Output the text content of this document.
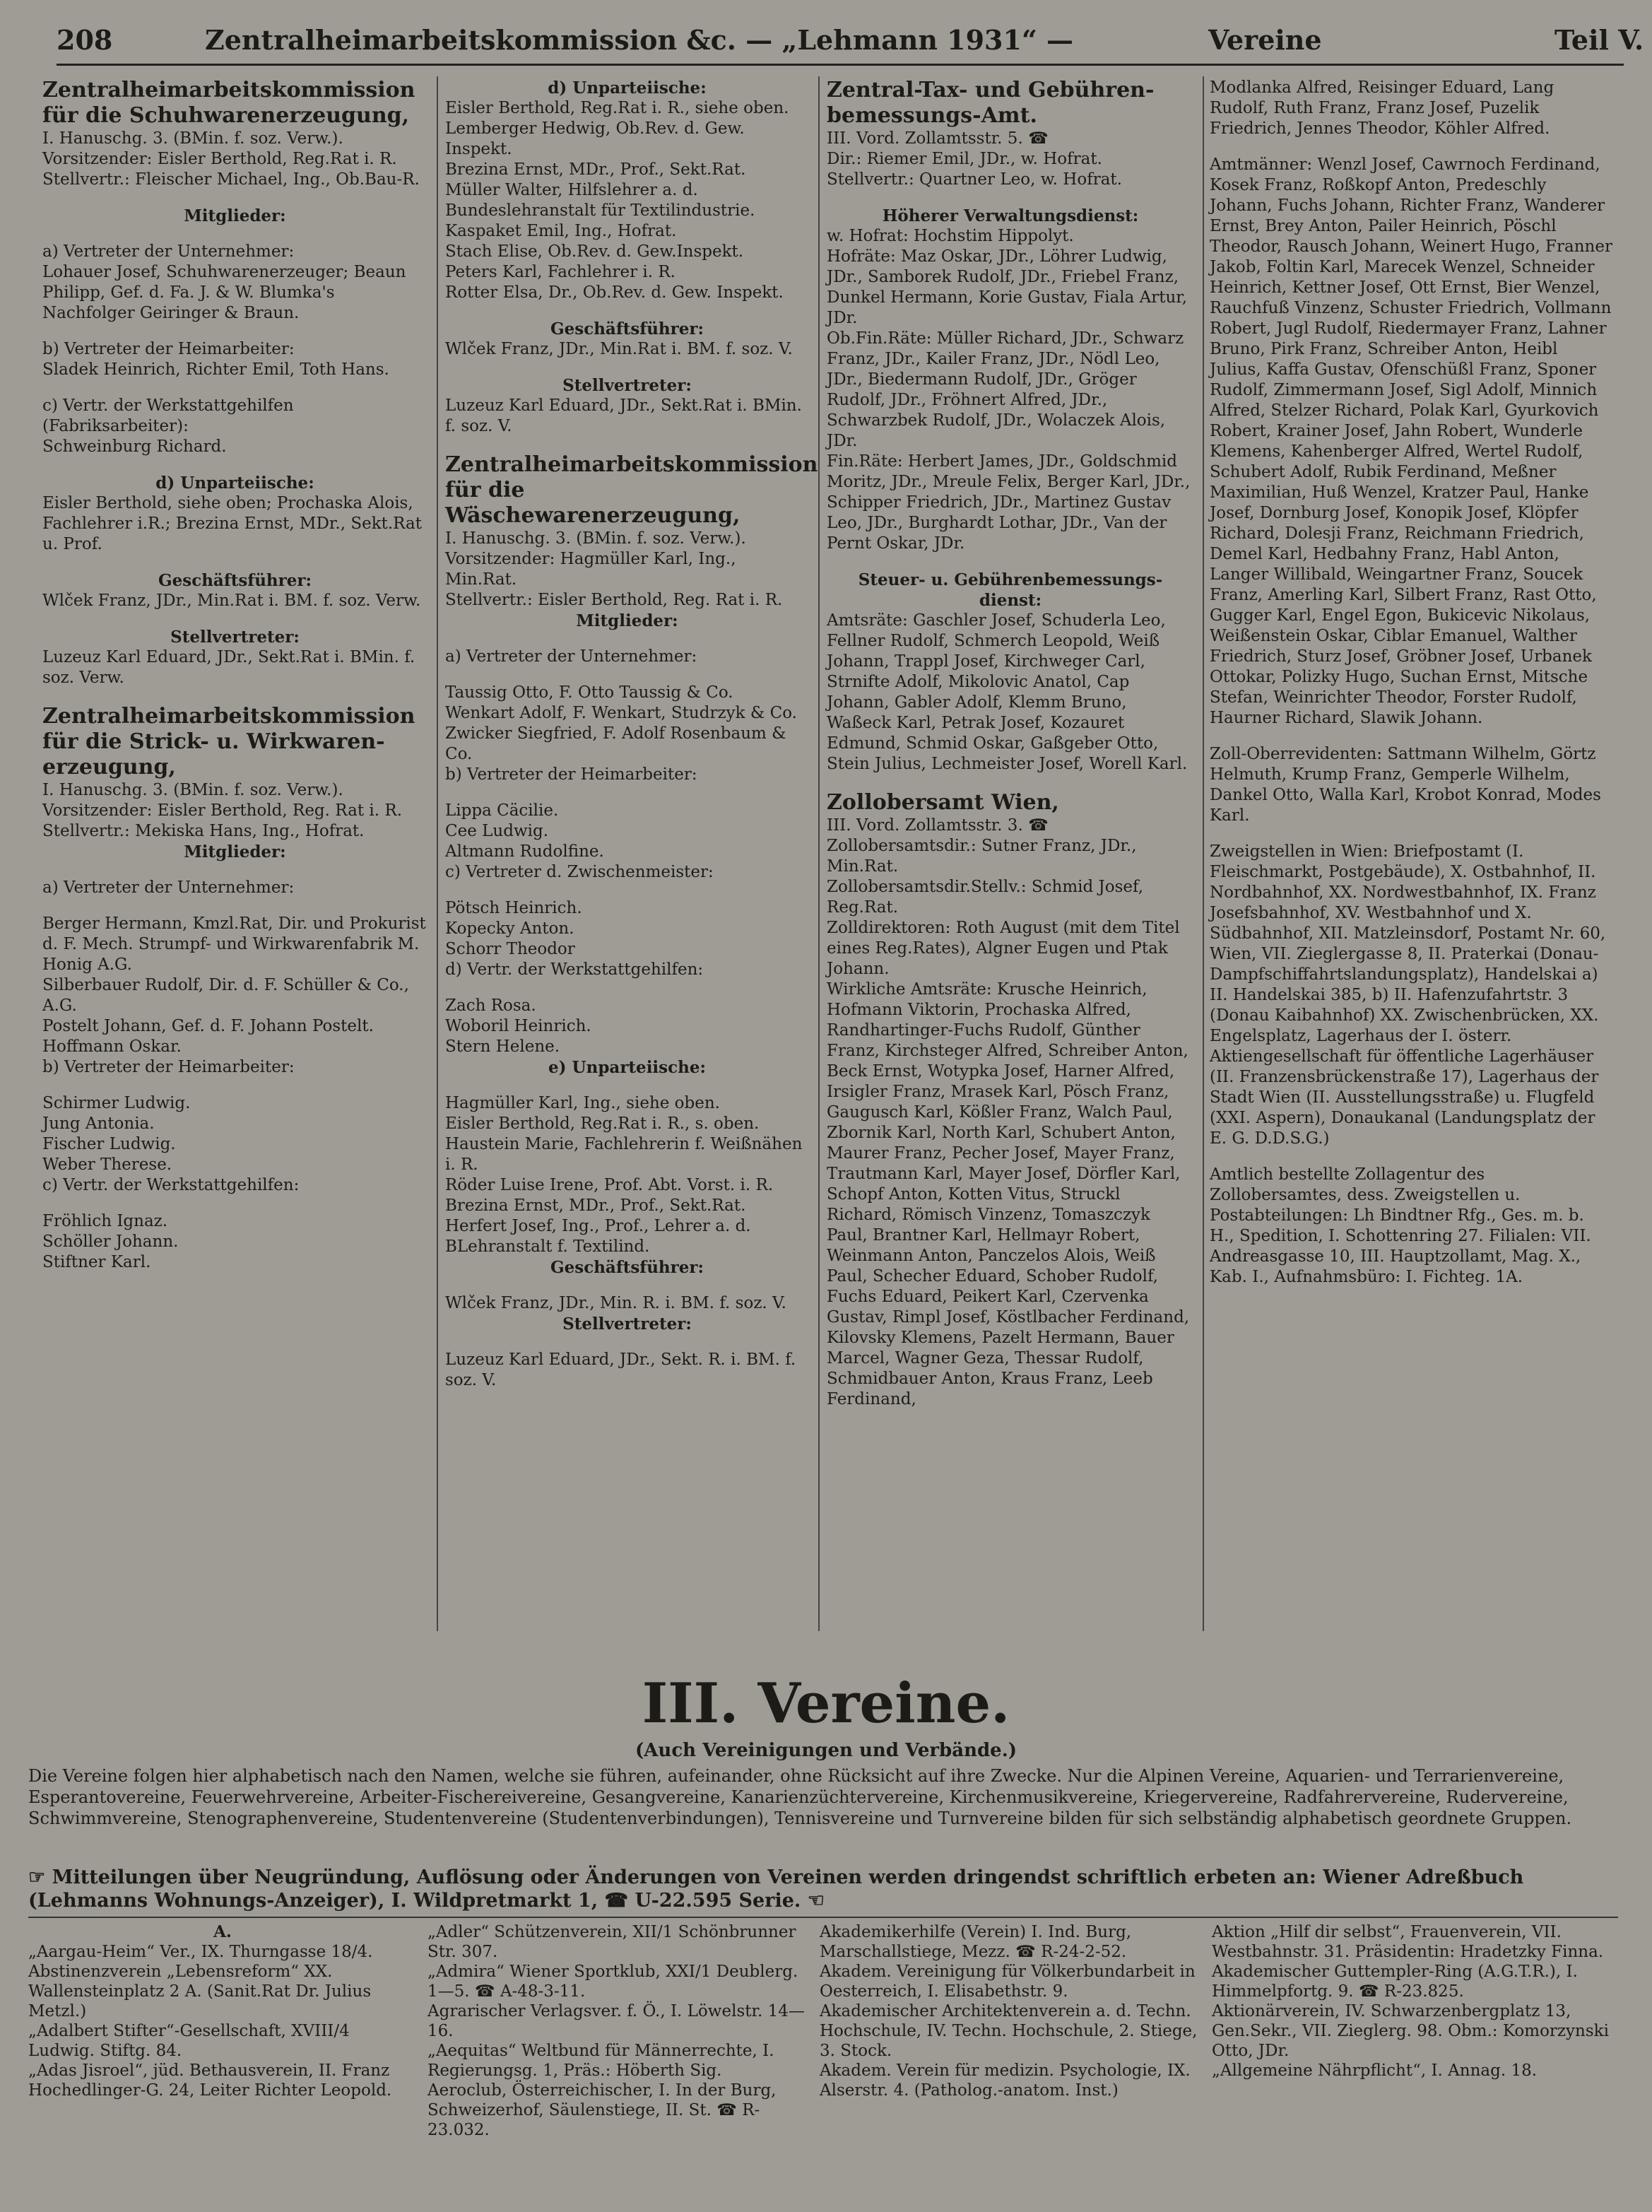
208	Zentralheimarbeitskommission &c. — „Lehmann 1931“ —	Vereine	Teil V.

Zentralheimarbeitskommission

für die Schuhwarenerzeugung,

I. Hanuschg. 3. (BMin. f. soz. Verw.).

Vorsitzender: Eisler Berthold, Reg.Rat i. R.

Stellvertr.: Fleischer Michael, Ing., Ob.Bau-R.

Mitglieder:

a) Vertreter der Unternehmer:

Lohauer Josef, Schuhwarenerzeuger; Beaun Philipp, Gef. d. Fa. J. & W. Blumka's Nachfolger Geiringer & Braun.

b) Vertreter der Heimarbeiter:

Sladek Heinrich, Richter Emil, Toth Hans.

c) Vertr. der Werkstattgehilfen (Fabriksarbeiter):

Schweinburg Richard.

d) Unparteiische:

Eisler Berthold, siehe oben; Prochaska Alois, Fachlehrer i.R.; Brezina Ernst, MDr., Sekt.Rat u. Prof.

Geschäftsführer:

Wlček Franz, JDr., Min.Rat i. BM. f. soz. Verw.

Stellvertreter:

Luzeuz Karl Eduard, JDr., Sekt.Rat i. BMin. f. soz. Verw.

Zentralheimarbeitskommission

für die Strick- u. Wirkwaren-

erzeugung,

I. Hanuschg. 3. (BMin. f. soz. Verw.).

Vorsitzender: Eisler Berthold, Reg. Rat i. R.

Stellvertr.: Mekiska Hans, Ing., Hofrat.

Mitglieder:

a) Vertreter der Unternehmer:

Berger Hermann, Kmzl.Rat, Dir. und Prokurist d. F. Mech. Strumpf- und Wirkwarenfabrik M. Honig A.G.

Silberbauer Rudolf, Dir. d. F. Schüller & Co., A.G.

Postelt Johann, Gef. d. F. Johann Postelt.

Hoffmann Oskar.

b) Vertreter der Heimarbeiter:

Schirmer Ludwig.

Jung Antonia.

Fischer Ludwig.

Weber Therese.

c) Vertr. der Werkstattgehilfen:

Fröhlich Ignaz.

Schöller Johann.

Stiftner Karl.

d) Unparteiische:

Eisler Berthold, Reg.Rat i. R., siehe oben.

Lemberger Hedwig, Ob.Rev. d. Gew. Inspekt.

Brezina Ernst, MDr., Prof., Sekt.Rat.

Müller Walter, Hilfslehrer a. d. Bundeslehranstalt für Textilindustrie.

Kaspaket Emil, Ing., Hofrat.

Stach Elise, Ob.Rev. d. Gew.Inspekt.

Peters Karl, Fachlehrer i. R.

Rotter Elsa, Dr., Ob.Rev. d. Gew. Inspekt.

Geschäftsführer:

Wlček Franz, JDr., Min.Rat i. BM. f. soz. V.

Stellvertreter:

Luzeuz Karl Eduard, JDr., Sekt.Rat i. BMin. f. soz. V.

Zentralheimarbeitskommission

für die Wäschewarenerzeugung,

I. Hanuschg. 3. (BMin. f. soz. Verw.).

Vorsitzender: Hagmüller Karl, Ing., Min.Rat.

Stellvertr.: Eisler Berthold, Reg. Rat i. R.

Mitglieder:

a) Vertreter der Unternehmer:

Taussig Otto, F. Otto Taussig & Co.

Wenkart Adolf, F. Wenkart, Studrzyk & Co.

Zwicker Siegfried, F. Adolf Rosenbaum & Co.

b) Vertreter der Heimarbeiter:

Lippa Cäcilie.

Cee Ludwig.

Altmann Rudolfine.

c) Vertreter d. Zwischenmeister:

Pötsch Heinrich.

Kopecky Anton.

Schorr Theodor

d) Vertr. der Werkstattgehilfen:

Zach Rosa.

Woboril Heinrich.

Stern Helene.

e) Unparteiische:

Hagmüller Karl, Ing., siehe oben.

Eisler Berthold, Reg.Rat i. R., s. oben.

Haustein Marie, Fachlehrerin f. Weißnähen i. R.

Röder Luise Irene, Prof. Abt. Vorst. i. R.

Brezina Ernst, MDr., Prof., Sekt.Rat.

Herfert Josef, Ing., Prof., Lehrer a. d. BLehranstalt f. Textilind.

Geschäftsführer:

Wlček Franz, JDr., Min. R. i. BM. f. soz. V.

Stellvertreter:

Luzeuz Karl Eduard, JDr., Sekt. R. i. BM. f. soz. V.

Zentral-Tax- und Gebühren-

bemessungs-Amt.

III. Vord. Zollamtsstr. 5. ☎

Dir.: Riemer Emil, JDr., w. Hofrat.

Stellvertr.: Quartner Leo, w. Hofrat.

Höherer Verwaltungsdienst:

w. Hofrat: Hochstim Hippolyt.

Hofräte: Maz Oskar, JDr., Löhrer Ludwig, JDr., Samborek Rudolf, JDr., Friebel Franz, Dunkel Hermann, Korie Gustav, Fiala Artur, JDr.

Ob.Fin.Räte: Müller Richard, JDr., Schwarz Franz, JDr., Kailer Franz, JDr., Nödl Leo, JDr., Biedermann Rudolf, JDr., Gröger Rudolf, JDr., Fröhnert Alfred, JDr., Schwarzbek Rudolf, JDr., Wolaczek Alois, JDr.

Fin.Räte: Herbert James, JDr., Goldschmid Moritz, JDr., Mreule Felix, Berger Karl, JDr., Schipper Friedrich, JDr., Martinez Gustav Leo, JDr., Burghardt Lothar, JDr., Van der Pernt Oskar, JDr.

Steuer- u. Gebührenbemessungs-

dienst:

Amtsräte: Gaschler Josef, Schuderla Leo, Fellner Rudolf, Schmerch Leopold, Weiß Johann, Trappl Josef, Kirchweger Carl, Strnifte Adolf, Mikolovic Anatol, Cap Johann, Gabler Adolf, Klemm Bruno, Waßeck Karl, Petrak Josef, Kozauret Edmund, Schmid Oskar, Gaßgeber Otto, Stein Julius, Lechmeister Josef, Worell Karl.

Zollobersamt Wien,

III. Vord. Zollamtsstr. 3. ☎

Zollobersamtsdir.: Sutner Franz, JDr., Min.Rat.

Zollobersamtsdir.Stellv.: Schmid Josef, Reg.Rat.

Zolldirektoren: Roth August (mit dem Titel eines Reg.Rates), Algner Eugen und Ptak Johann.

Wirkliche Amtsräte: Krusche Heinrich, Hofmann Viktorin, Prochaska Alfred, Randhartinger-Fuchs Rudolf, Günther Franz, Kirchsteger Alfred, Schreiber Anton, Beck Ernst, Wotypka Josef, Harner Alfred, Irsigler Franz, Mrasek Karl, Pösch Franz, Gaugusch Karl, Kößler Franz, Walch Paul, Zbornik Karl, North Karl, Schubert Anton, Maurer Franz, Pecher Josef, Mayer Franz, Trautmann Karl, Mayer Josef, Dörfler Karl, Schopf Anton, Kotten Vitus, Struckl Richard, Römisch Vinzenz, Tomaszczyk Paul, Brantner Karl, Hellmayr Robert, Weinmann Anton, Panczelos Alois, Weiß Paul, Schecher Eduard, Schober Rudolf, Fuchs Eduard, Peikert Karl, Czervenka Gustav, Rimpl Josef, Köstlbacher Ferdinand, Kilovsky Klemens, Pazelt Hermann, Bauer Marcel, Wagner Geza, Thessar Rudolf, Schmidbauer Anton, Kraus Franz, Leeb Ferdinand,

Modlanka Alfred, Reisinger Eduard, Lang Rudolf, Ruth Franz, Franz Josef, Puzelik Friedrich, Jennes Theodor, Köhler Alfred.

Amtmänner: Wenzl Josef, Cawrnoch Ferdinand, Kosek Franz, Roßkopf Anton, Predeschly Johann, Fuchs Johann, Richter Franz, Wanderer Ernst, Brey Anton, Pailer Heinrich, Pöschl Theodor, Rausch Johann, Weinert Hugo, Franner Jakob, Foltin Karl, Marecek Wenzel, Schneider Heinrich, Kettner Josef, Ott Ernst, Bier Wenzel, Rauchfuß Vinzenz, Schuster Friedrich, Vollmann Robert, Jugl Rudolf, Riedermayer Franz, Lahner Bruno, Pirk Franz, Schreiber Anton, Heibl Julius, Kaffa Gustav, Ofenschüßl Franz, Sponer Rudolf, Zimmermann Josef, Sigl Adolf, Minnich Alfred, Stelzer Richard, Polak Karl, Gyurkovich Robert, Krainer Josef, Jahn Robert, Wunderle Klemens, Kahenberger Alfred, Wertel Rudolf, Schubert Adolf, Rubik Ferdinand, Meßner Maximilian, Huß Wenzel, Kratzer Paul, Hanke Josef, Dornburg Josef, Konopik Josef, Klöpfer Richard, Dolesji Franz, Reichmann Friedrich, Demel Karl, Hedbahny Franz, Habl Anton, Langer Willibald, Weingartner Franz, Soucek Franz, Amerling Karl, Silbert Franz, Rast Otto, Gugger Karl, Engel Egon, Bukicevic Nikolaus, Weißenstein Oskar, Ciblar Emanuel, Walther Friedrich, Sturz Josef, Gröbner Josef, Urbanek Ottokar, Polizky Hugo, Suchan Ernst, Mitsche Stefan, Weinrichter Theodor, Forster Rudolf, Haurner Richard, Slawik Johann.

Zoll-Oberrevidenten: Sattmann Wilhelm, Görtz Helmuth, Krump Franz, Gemperle Wilhelm, Dankel Otto, Walla Karl, Krobot Konrad, Modes Karl.

Zweigstellen in Wien: Briefpostamt (I. Fleischmarkt, Postgebäude), X. Ostbahnhof, II. Nordbahnhof, XX. Nordwestbahnhof, IX. Franz Josefsbahnhof, XV. Westbahnhof und X. Südbahnhof, XII. Matzleinsdorf, Postamt Nr. 60, Wien, VII. Zieglergasse 8, II. Praterkai (Donau-Dampfschiffahrtslandungsplatz), Handelskai a) II. Handelskai 385, b) II. Hafenzufahrtstr. 3 (Donau Kaibahnhof) XX. Zwischenbrücken, XX. Engelsplatz, Lagerhaus der I. österr. Aktiengesellschaft für öffentliche Lagerhäuser (II. Franzensbrückenstraße 17), Lagerhaus der Stadt Wien (II. Ausstellungsstraße) u. Flugfeld (XXI. Aspern), Donaukanal (Landungsplatz der E. G. D.D.S.G.)

Amtlich bestellte Zollagentur des Zollobersamtes, dess. Zweigstellen u. Postabteilungen: Lh Bindtner Rfg., Ges. m. b. H., Spedition, I. Schottenring 27. Filialen: VII. Andreasgasse 10, III. Hauptzollamt, Mag. X., Kab. I., Aufnahmsbüro: I. Fichteg. 1A.

III. Vereine.
(Auch Vereinigungen und Verbände.)
Die Vereine folgen hier alphabetisch nach den Namen, welche sie führen, aufeinander, ohne Rücksicht auf ihre Zwecke. Nur die Alpinen Vereine, Aquarien- und Terrarienvereine, Esperantovereine, Feuerwehrvereine, Arbeiter-Fischereivereine, Gesangvereine, Kanarienzüchtervereine, Kirchenmusikvereine, Kriegervereine, Radfahrervereine, Rudervereine, Schwimmvereine, Stenographenvereine, Studentenvereine (Studentenverbindungen), Tennisvereine und Turnvereine bilden für sich selbständig alphabetisch geordnete Gruppen.
☞ Mitteilungen über Neugründung, Auflösung oder Änderungen von Vereinen werden dringendst schriftlich erbeten an: Wiener Adreßbuch (Lehmanns Wohnungs-Anzeiger), I. Wildpretmarkt 1, ☎ U-22.595 Serie. ☜

A.

„Aargau-Heim“ Ver., IX. Thurngasse 18/4.

Abstinenzverein „Lebensreform“ XX. Wallensteinplatz 2 A. (Sanit.Rat Dr. Julius Metzl.)

„Adalbert Stifter“-Gesellschaft, XVIII/4 Ludwig. Stiftg. 84.

„Adas Jisroel“, jüd. Bethausverein, II. Franz Hochedlinger-G. 24, Leiter Richter Leopold.

„Adler“ Schützenverein, XII/1 Schönbrunner Str. 307.

„Admira“ Wiener Sportklub, XXI/1 Deublerg. 1—5. ☎ A-48-3-11.

Agrarischer Verlagsver. f. Ö., I. Löwelstr. 14—16.

„Aequitas“ Weltbund für Männerrechte, I. Regierungsg. 1, Präs.: Höberth Sig.

Aeroclub, Österreichischer, I. In der Burg, Schweizerhof, Säulenstiege, II. St. ☎ R-23.032.

Akademikerhilfe (Verein) I. Ind. Burg, Marschallstiege, Mezz. ☎ R-24-2-52.

Akadem. Vereinigung für Völkerbundarbeit in Oesterreich, I. Elisabethstr. 9.

Akademischer Architektenverein a. d. Techn. Hochschule, IV. Techn. Hochschule, 2. Stiege, 3. Stock.

Akadem. Verein für medizin. Psychologie, IX. Alserstr. 4. (Patholog.-anatom. Inst.)

Aktion „Hilf dir selbst“, Frauenverein, VII. Westbahnstr. 31. Präsidentin: Hradetzky Finna.

Akademischer Guttempler-Ring (A.G.T.R.), I. Himmelpfortg. 9. ☎ R-23.825.

Aktionärverein, IV. Schwarzenbergplatz 13, Gen.Sekr., VII. Zieglerg. 98. Obm.: Komorzynski Otto, JDr.

„Allgemeine Nährpflicht“, I. Annag. 18.
